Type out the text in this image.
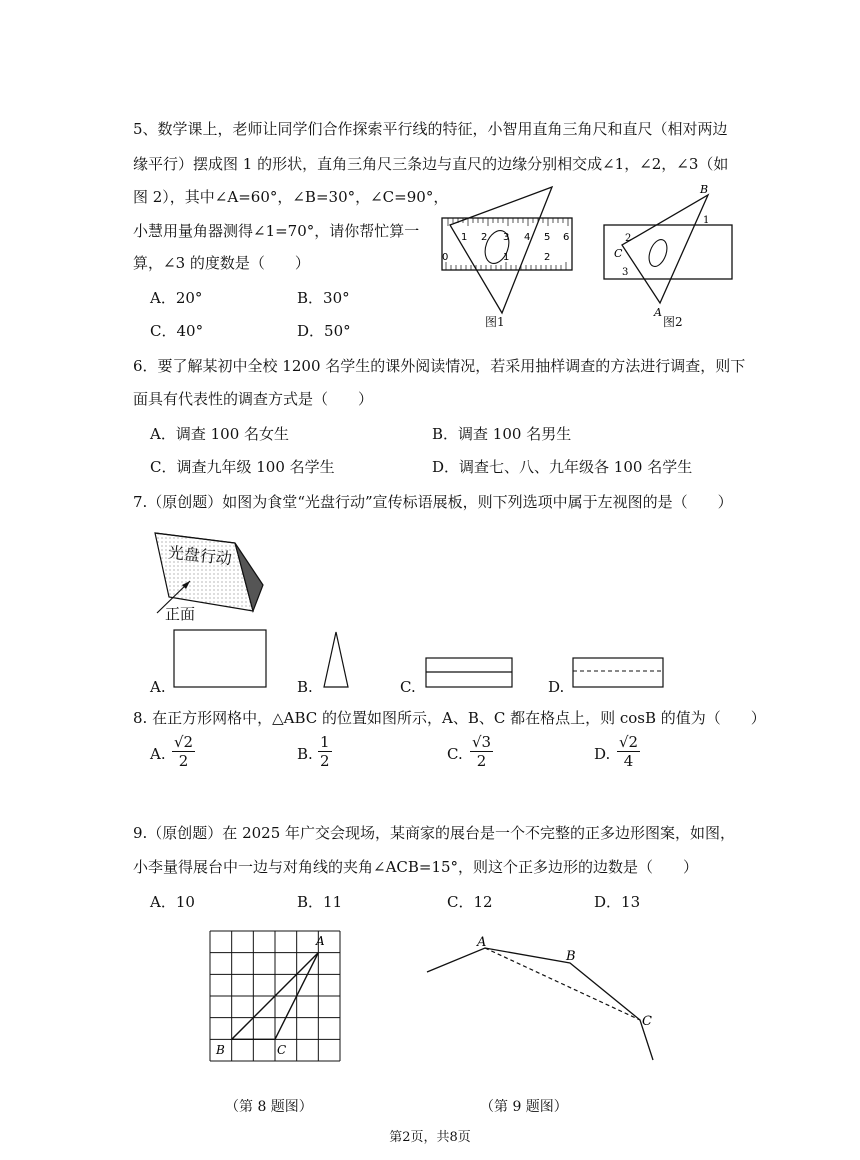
5、数学课上，老师让同学们合作探索平行线的特征，小智用直角三角尺和直尺（相对两边
缘平行）摆成图 1 的形状，直角三角尺三条边与直尺的边缘分别相交成∠1，∠2，∠3（如
图 2），其中∠A=60°，∠B=30°，∠C=90°，
小慧用量角器测得∠1=70°，请你帮忙算一
算，∠3 的度数是（　　）
A．20°	B．30°
C．40°	D．50°
1 2 3 4 5 6
0	1	2
图1
B
A
C
1
2
3
图2
6．要了解某初中全校 1200 名学生的课外阅读情况，若采用抽样调查的方法进行调查，则下
面具有代表性的调查方式是（　　）
A．调查 100 名女生	B．调查 100 名男生
C．调查九年级 100 名学生	D．调查七、八、九年级各 100 名学生
7.（原创题）如图为食堂“光盘行动”宣传标语展板，则下列选项中属于左视图的是（　　）
光盘行动
正面
A.	B.	C.	D.
8. 在正方形网格中，△ABC 的位置如图所示，A、B、C 都在格点上，则 cosB 的值为（　　）
A. $\frac{√2}{2}$	B. $\frac{1}{2}$	C. $\frac{√3}{2}$	D. $\frac{√2}{4}$
9.（原创题）在 2025 年广交会现场，某商家的展台是一个不完整的正多边形图案，如图，
小李量得展台中一边与对角线的夹角∠ACB=15°，则这个正多边形的边数是（　　）
A．10	B．11	C．12	D．13
A
B	C
（第 8 题图）
A
B
C
（第 9 题图）
第2页，共8页
